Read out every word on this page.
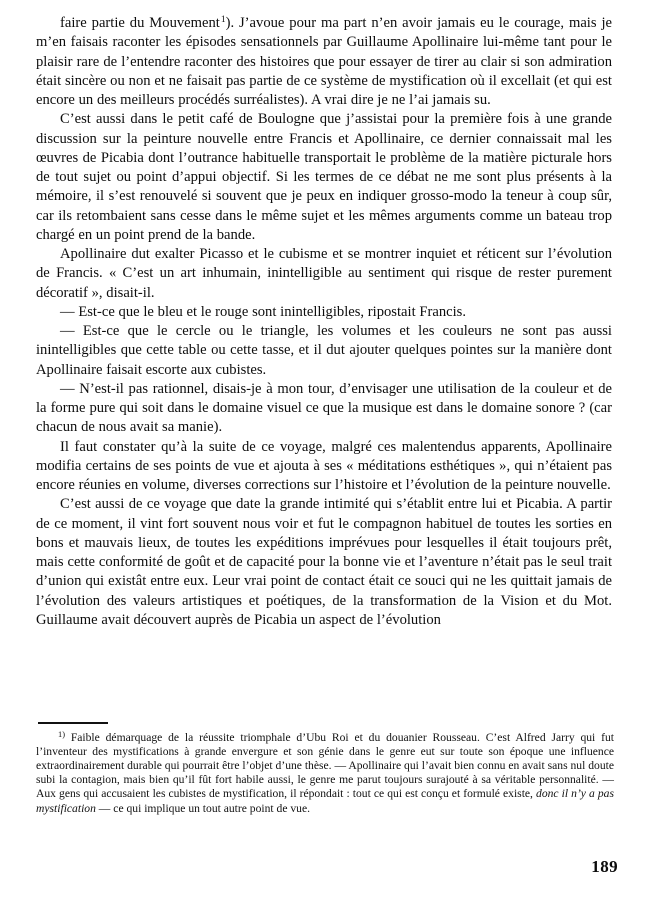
faire partie du Mouvement$^1$). J’avoue pour ma part n’en avoir jamais eu le courage, mais je m’en faisais raconter les épisodes sensationnels par Guillaume Apollinaire lui-même tant pour le plaisir rare de l’entendre raconter des histoires que pour essayer de tirer au clair si son admiration était sincère ou non et ne faisait pas partie de ce système de mystification où il excellait (et qui est encore un des meilleurs procédés surréalistes). A vrai dire je ne l’ai jamais su.

C’est aussi dans le petit café de Boulogne que j’assistai pour la première fois à une grande discussion sur la peinture nouvelle entre Francis et Apollinaire, ce dernier connaissait mal les œuvres de Picabia dont l’outrance habituelle transportait le problème de la matière picturale hors de tout sujet ou point d’appui objectif. Si les termes de ce débat ne me sont plus présents à la mémoire, il s’est renouvelé si souvent que je peux en indiquer grosso-modo la teneur à coup sûr, car ils retombaient sans cesse dans le même sujet et les mêmes arguments comme un bateau trop chargé en un point prend de la bande.

Apollinaire dut exalter Picasso et le cubisme et se montrer inquiet et réticent sur l’évolution de Francis. « C’est un art inhumain, inintelligible au sentiment qui risque de rester purement décoratif », disait-il.

— Est-ce que le bleu et le rouge sont inintelligibles, ripostait Francis.

— Est-ce que le cercle ou le triangle, les volumes et les couleurs ne sont pas aussi inintelligibles que cette table ou cette tasse, et il dut ajouter quelques pointes sur la manière dont Apollinaire faisait escorte aux cubistes.

— N’est-il pas rationnel, disais-je à mon tour, d’envisager une utilisation de la couleur et de la forme pure qui soit dans le domaine visuel ce que la musique est dans le domaine sonore ? (car chacun de nous avait sa manie).

Il faut constater qu’à la suite de ce voyage, malgré ces malentendus apparents, Apollinaire modifia certains de ses points de vue et ajouta à ses « méditations esthétiques », qui n’étaient pas encore réunies en volume, diverses corrections sur l’histoire et l’évolution de la peinture nouvelle.

C’est aussi de ce voyage que date la grande intimité qui s’établit entre lui et Picabia. A partir de ce moment, il vint fort souvent nous voir et fut le compagnon habituel de toutes les sorties en bons et mauvais lieux, de toutes les expéditions imprévues pour lesquelles il était toujours prêt, mais cette conformité de goût et de capacité pour la bonne vie et l’aventure n’était pas le seul trait d’union qui existât entre eux. Leur vrai point de contact était ce souci qui ne les quittait jamais de l’évolution des valeurs artistiques et poétiques, de la transformation de la Vision et du Mot. Guillaume avait découvert auprès de Picabia un aspect de l’évolution

$^{1)}$ Faible démarquage de la réussite triomphale d’Ubu Roi et du douanier Rousseau. C’est Alfred Jarry qui fut l’inventeur des mystifications à grande envergure et son génie dans le genre eut sur toute son époque une influence extraordinairement durable qui pourrait être l’objet d’une thèse. — Apollinaire qui l’avait bien connu en avait sans nul doute subi la contagion, mais bien qu’il fût fort habile aussi, le genre me parut toujours surajouté à sa véritable personnalité. — Aux gens qui accusaient les cubistes de mystification, il répondait : tout ce qui est conçu et formulé existe, donc il n’y a pas mystification — ce qui implique un tout autre point de vue.

189
